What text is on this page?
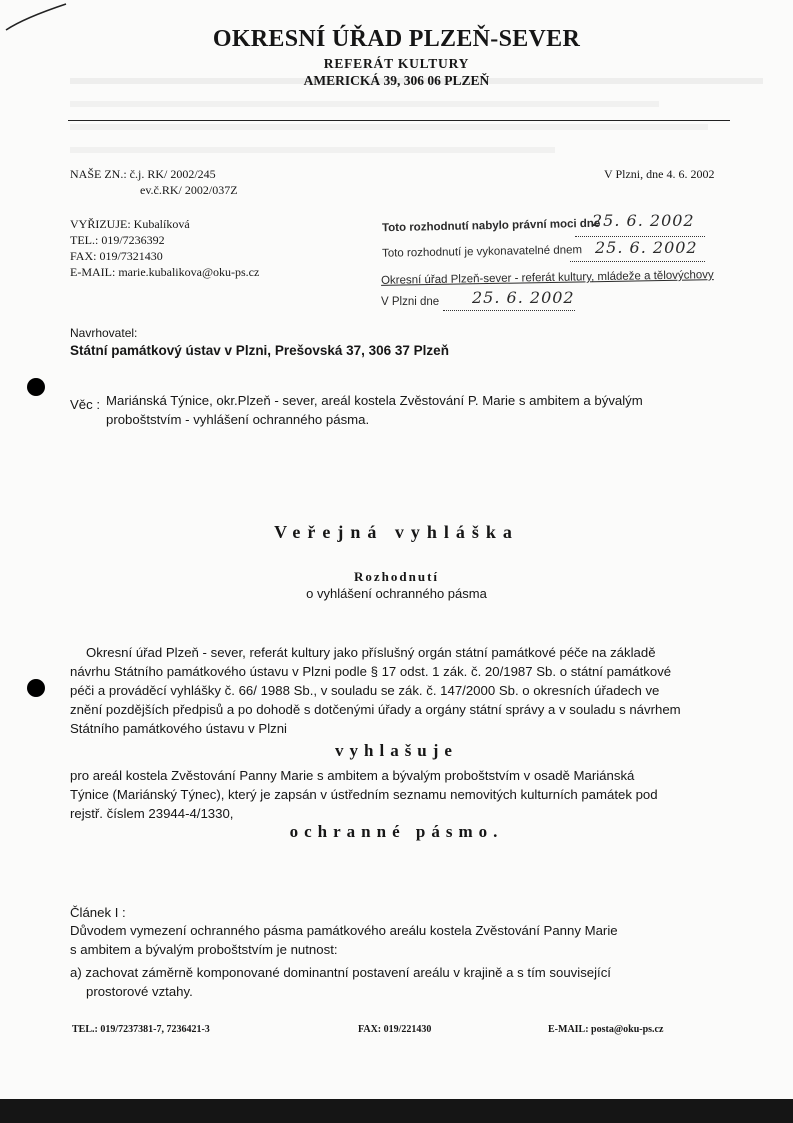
OKRESNÍ ÚŘAD PLZEŇ-SEVER
REFERÁT KULTURY
AMERICKÁ 39, 306 06 PLZEŇ
NAŠE ZN.: č.j. RK/ 2002/245
ev.č.RK/ 2002/037Z
V Plzni, dne 4. 6. 2002
VYŘIZUJE: Kubalíková
TEL.: 019/7236392
FAX: 019/7321430
E-MAIL: marie.kubalikova@oku-ps.cz
Toto rozhodnutí nabylo právní moci dne
25. 6. 2002
Toto rozhodnutí je vykonavatelné dnem 25. 6. 2002
Okresní úřad Plzeň-sever - referát kultury, mládeže a tělovýchovy
V Plzni dne 25. 6. 2002
Navrhovatel:
Státní památkový ústav v Plzni, Prešovská 37, 306 37 Plzeň
Věc : Mariánská Týnice, okr.Plzeň - sever, areál kostela Zvěstování P. Marie s ambitem a bývalým
proboštstvím - vyhlášení ochranného pásma.
Veřejná vyhláška
Rozhodnutí
o vyhlášení ochranného pásma
Okresní úřad Plzeň - sever, referát kultury jako příslušný orgán státní památkové péče na základě
návrhu Státního památkového ústavu v Plzni podle § 17 odst. 1 zák. č. 20/1987 Sb. o státní památkové
péči a prováděcí vyhlášky č. 66/ 1988 Sb., v souladu se zák. č. 147/2000 Sb. o okresních úřadech ve
znění pozdějších předpisů a po dohodě s dotčenými úřady a orgány státní správy a v souladu s návrhem
Státního památkového ústavu v Plzni
vyhlašuje
pro areál kostela Zvěstování Panny Marie s ambitem a bývalým proboštstvím v osadě Mariánská
Týnice (Mariánský Týnec), který je zapsán v ústředním seznamu nemovitých kulturních památek pod
rejstř. číslem 23944-4/1330,
ochranné pásmo.
Článek I :
Důvodem vymezení ochranného pásma památkového areálu kostela Zvěstování Panny Marie
s ambitem a bývalým proboštstvím je nutnost:
a) zachovat záměrně komponované dominantní postavení areálu v krajině a s tím související
prostorové vztahy.
TEL.: 019/7237381-7, 7236421-3	FAX: 019/221430	E-MAIL: posta@oku-ps.cz
